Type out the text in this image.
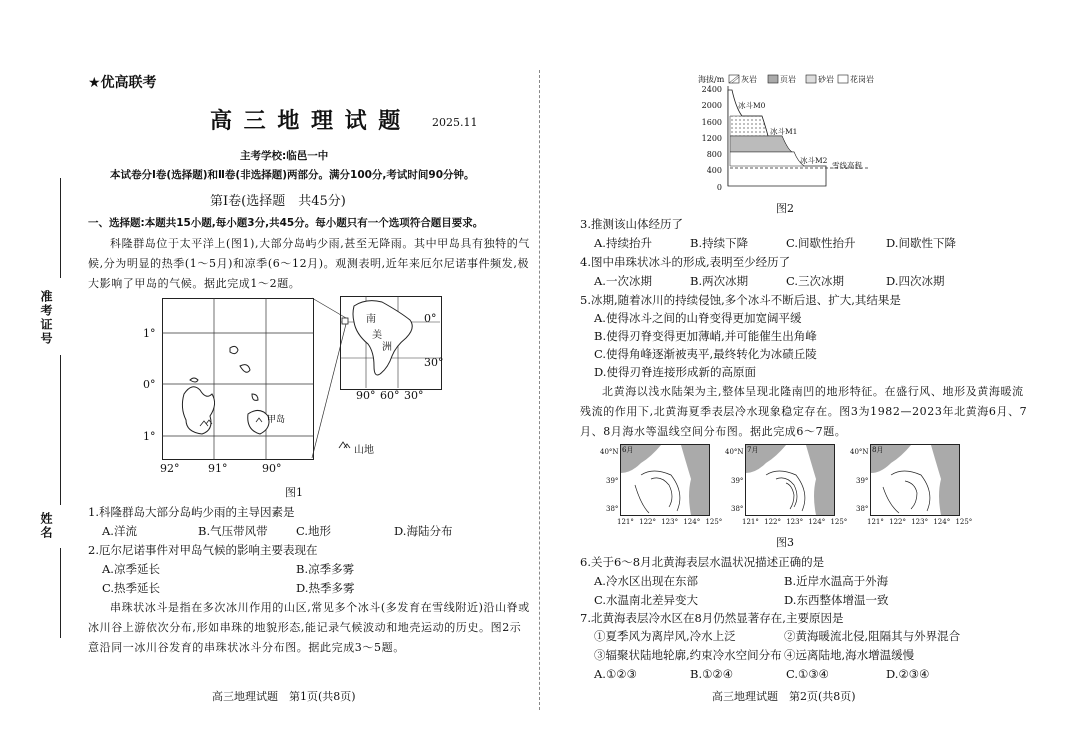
★优高联考
高 三 地 理 试 题	2025.11
主考学校:临邑一中
本试卷分Ⅰ卷(选择题)和Ⅱ卷(非选择题)两部分。满分100分,考试时间90分钟。
第Ⅰ卷(选择题　共45分)
一、选择题:本题共15小题,每小题3分,共45分。每小题只有一个选项符合题目要求。
科隆群岛位于太平洋上(图1),大部分岛屿少雨,甚至无降雨。其中甲岛具有独特的气
候,分为明显的热季(1～5月)和凉季(6～12月)。观测表明,近年来厄尔尼诺事件频发,极
大影响了甲岛的气候。据此完成1～2题。
准考证号
姓名
甲岛
1°
0°
1°
92°	91°	90°
山地
南	0°
美
洲
30°
90° 60° 30°
图1
1.科隆群岛大部分岛屿少雨的主导因素是
A.洋流	B.气压带风带	C.地形	D.海陆分布
2.厄尔尼诺事件对甲岛气候的影响主要表现在
A.凉季延长	B.凉季多雾
C.热季延长	D.热季多雾
串珠状冰斗是指在多次冰川作用的山区,常见多个冰斗(多发育在雪线附近)沿山脊或
冰川谷上游依次分布,形如串珠的地貌形态,能记录气候波动和地壳运动的历史。图2示
意沿同一冰川谷发育的串珠状冰斗分布图。据此完成3～5题。
高三地理试题　第1页(共8页)
海拔/m 灰岩	页岩	砂岩 花岗岩
2400
2000
1600
1200
800
400
0
冰斗M0
冰斗M1
冰斗M2
雪线高程
图2
3.推测该山体经历了
A.持续抬升	B.持续下降	C.间歇性抬升	D.间歇性下降
4.图中串珠状冰斗的形成,表明至少经历了
A.一次冰期	B.两次冰期	C.三次冰期	D.四次冰期
5.冰期,随着冰川的持续侵蚀,多个冰斗不断后退、扩大,其结果是
A.使得冰斗之间的山脊变得更加宽阔平缓
B.使得刃脊变得更加薄峭,并可能催生出角峰
C.使得角峰逐渐被夷平,最终转化为冰碛丘陵
D.使得刃脊连接形成新的高原面
北黄海以浅水陆架为主,整体呈现北隆南凹的地形特征。在盛行风、地形及黄海暖流
残流的作用下,北黄海夏季表层冷水现象稳定存在。图3为1982—2023年北黄海6月、7
月、8月海水等温线空间分布图。据此完成6～7题。
6月	7月	8月
40°N
39°
38°
121° 122° 123° 124° 125°
40°N
39°
38°
121° 122° 123° 124° 125°
40°N
39°
38°
121° 122° 123° 124° 125°
图3
6.关于6～8月北黄海表层水温状况描述正确的是
A.冷水区出现在东部	B.近岸水温高于外海
C.水温南北差异变大	D.东西整体增温一致
7.北黄海表层冷水区在8月仍然显著存在,主要原因是
①夏季风为离岸风,冷水上泛	②黄海暖流北侵,阻隔其与外界混合
③辐聚状陆地轮廓,约束冷水空间分布 ④远离陆地,海水增温缓慢
A.①②③	B.①②④	C.①③④	D.②③④
高三地理试题　第2页(共8页)
